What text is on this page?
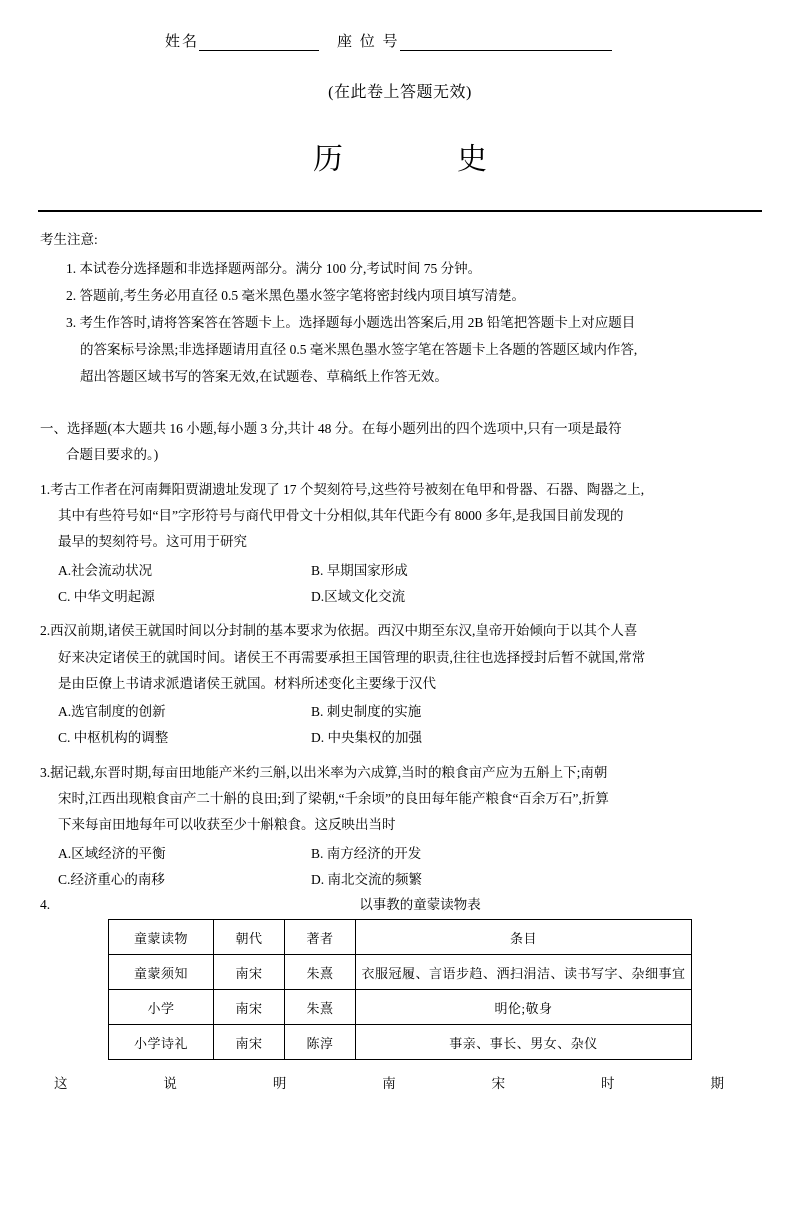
姓名	座 位 号
(在此卷上答题无效)
历　　史
考生注意:
1. 本试卷分选择题和非选择题两部分。满分 100 分,考试时间 75 分钟。
2. 答题前,考生务必用直径 0.5 毫米黑色墨水签字笔将密封线内项目填写清楚。
3. 考生作答时,请将答案答在答题卡上。选择题每小题选出答案后,用 2B 铅笔把答题卡上对应题目
的答案标号涂黑;非选择题请用直径 0.5 毫米黑色墨水签字笔在答题卡上各题的答题区域内作答,
超出答题区域书写的答案无效,在试题卷、草稿纸上作答无效。
一、选择题(本大题共 16 小题,每小题 3 分,共计 48 分。在每小题列出的四个选项中,只有一项是最符
合题目要求的。)
1.考古工作者在河南舞阳贾湖遗址发现了 17 个契刻符号,这些符号被刻在龟甲和骨器、石器、陶器之上,
其中有些符号如“目”字形符号与商代甲骨文十分相似,其年代距今有 8000 多年,是我国目前发现的
最早的契刻符号。这可用于研究
A.社会流动状况	B. 早期国家形成
C. 中华文明起源	D.区域文化交流
2.西汉前期,诸侯王就国时间以分封制的基本要求为依据。西汉中期至东汉,皇帝开始倾向于以其个人喜
好来决定诸侯王的就国时间。诸侯王不再需要承担王国管理的职责,往往也选择授封后暂不就国,常常
是由臣僚上书请求派遣诸侯王就国。材料所述变化主要缘于汉代
A.选官制度的创新	B. 刺史制度的实施
C. 中枢机构的调整	D. 中央集权的加强
3.据记载,东晋时期,每亩田地能产米约三斛,以出米率为六成算,当时的粮食亩产应为五斛上下;南朝
宋时,江西出现粮食亩产二十斛的良田;到了梁朝,“千余顷”的良田每年能产粮食“百余万石”,折算
下来每亩田地每年可以收获至少十斛粮食。这反映出当时
A.区域经济的平衡	B. 南方经济的开发
C.经济重心的南移	D. 南北交流的频繁
4.	以事教的童蒙读物表
童蒙读物	朝代	著者	条目
童蒙须知	南宋	朱熹	衣服冠履、言语步趋、洒扫涓洁、读书写字、杂细事宜
小学	南宋	朱熹	明伦;敬身
小学诗礼	南宋	陈淳	事亲、事长、男女、杂仪
这	说	明	南	宋	时	期
